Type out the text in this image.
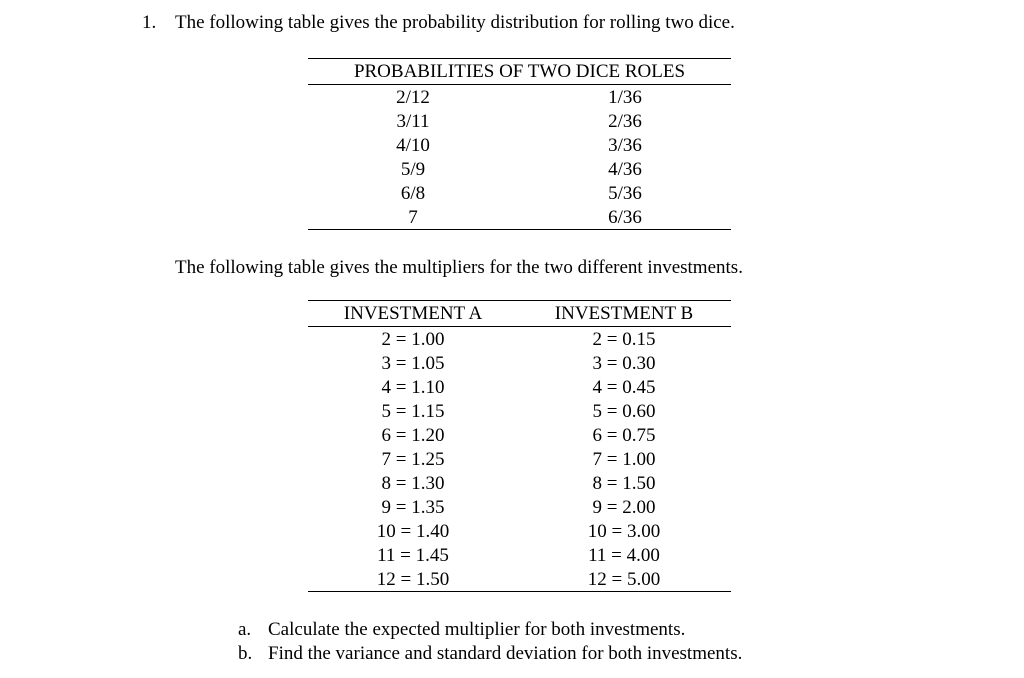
1. The following table gives the probability distribution for rolling two dice.
PROBABILITIES OF TWO DICE ROLES
2/12	1/36
3/11	2/36
4/10	3/36
5/9	4/36
6/8	5/36
7	6/36
The following table gives the multipliers for the two different investments.
INVESTMENT A	INVESTMENT B
2 = 1.00	2 = 0.15
3 = 1.05	3 = 0.30
4 = 1.10	4 = 0.45
5 = 1.15	5 = 0.60
6 = 1.20	6 = 0.75
7 = 1.25	7 = 1.00
8 = 1.30	8 = 1.50
9 = 1.35	9 = 2.00
10 = 1.40	10 = 3.00
11 = 1.45	11 = 4.00
12 = 1.50	12 = 5.00
a. Calculate the expected multiplier for both investments.
b. Find the variance and standard deviation for both investments.
